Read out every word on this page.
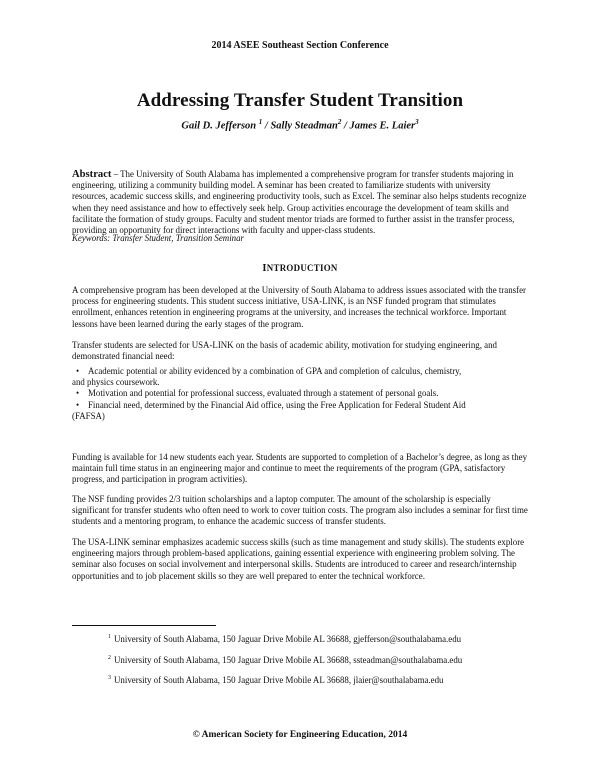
2014 ASEE Southeast Section Conference
Addressing Transfer Student Transition
Gail D. Jefferson $^1$ / Sally Steadman$^2$ / James E. Laier$^3$
Abstract – The University of South Alabama has implemented a comprehensive program for transfer students majoring in engineering, utilizing a community building model. A seminar has been created to familiarize students with university resources, academic success skills, and engineering productivity tools, such as Excel. The seminar also helps students recognize when they need assistance and how to effectively seek help. Group activities encourage the development of team skills and facilitate the formation of study groups. Faculty and student mentor triads are formed to further assist in the transfer process, providing an opportunity for direct interactions with faculty and upper-class students.
Keywords: Transfer Student, Transition Seminar
INTRODUCTION
A comprehensive program has been developed at the University of South Alabama to address issues associated with the transfer process for engineering students. This student success initiative, USA-LINK, is an NSF funded program that stimulates enrollment, enhances retention in engineering programs at the university, and increases the technical workforce. Important lessons have been learned during the early stages of the program.
Transfer students are selected for USA-LINK on the basis of academic ability, motivation for studying engineering, and demonstrated financial need:
• Academic potential or ability evidenced by a combination of GPA and completion of calculus, chemistry,
and physics coursework.
• Motivation and potential for professional success, evaluated through a statement of personal goals.
• Financial need, determined by the Financial Aid office, using the Free Application for Federal Student Aid
(FAFSA)
Funding is available for 14 new students each year. Students are supported to completion of a Bachelor’s degree, as long as they maintain full time status in an engineering major and continue to meet the requirements of the program (GPA, satisfactory progress, and participation in program activities).
The NSF funding provides 2/3 tuition scholarships and a laptop computer. The amount of the scholarship is especially significant for transfer students who often need to work to cover tuition costs. The program also includes a seminar for first time students and a mentoring program, to enhance the academic success of transfer students.
The USA-LINK seminar emphasizes academic success skills (such as time management and study skills). The students explore engineering majors through problem-based applications, gaining essential experience with engineering problem solving. The seminar also focuses on social involvement and interpersonal skills. Students are introduced to career and research/internship opportunities and to job placement skills so they are well prepared to enter the technical workforce.
$^1$ University of South Alabama, 150 Jaguar Drive Mobile AL 36688, gjefferson@southalabama.edu
$^2$ University of South Alabama, 150 Jaguar Drive Mobile AL 36688, ssteadman@southalabama.edu
$^3$ University of South Alabama, 150 Jaguar Drive Mobile AL 36688, jlaier@southalabama.edu
© American Society for Engineering Education, 2014
